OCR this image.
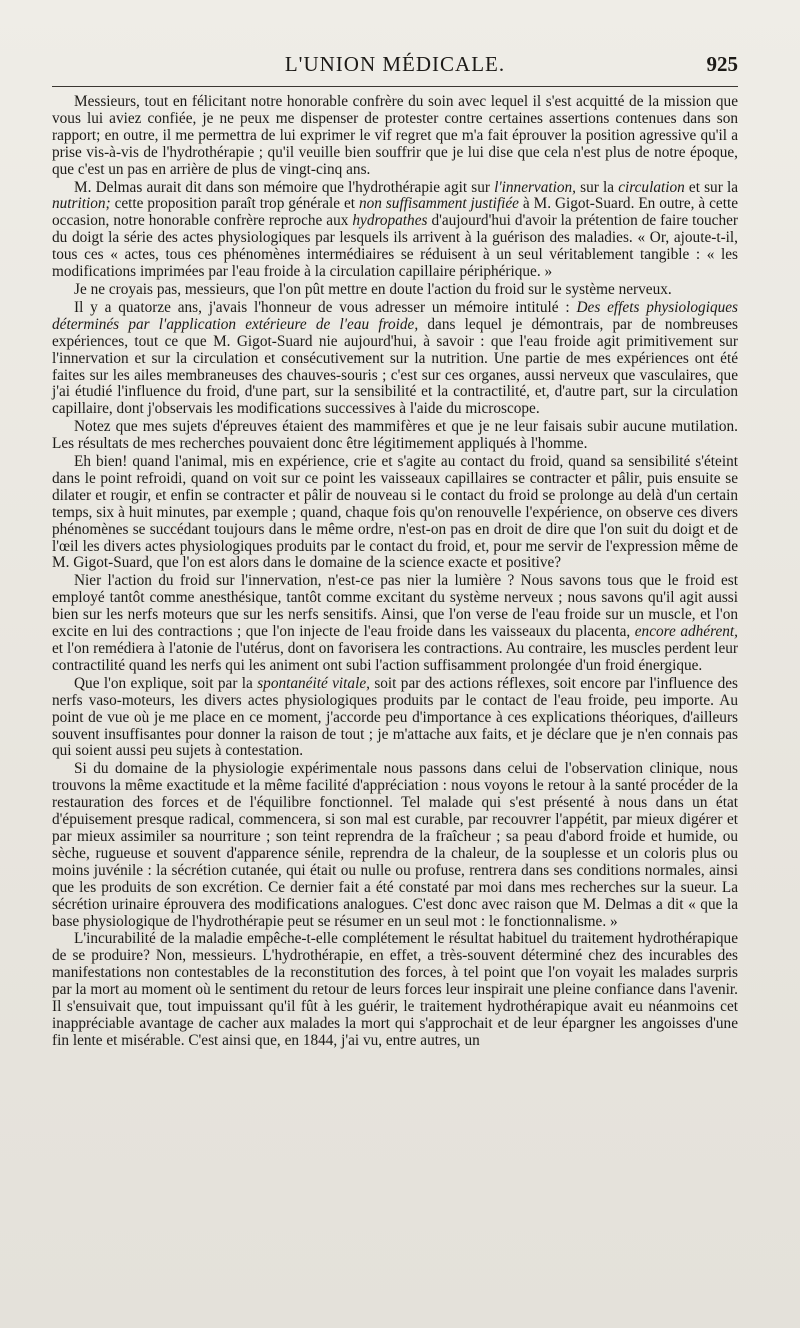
L'UNION MÉDICALE.	925

Messieurs, tout en félicitant notre honorable confrère du soin avec lequel il s'est acquitté de la mission que vous lui aviez confiée, je ne peux me dispenser de protester contre certaines assertions contenues dans son rapport; en outre, il me permettra de lui exprimer le vif regret que m'a fait éprouver la position agressive qu'il a prise vis-à-vis de l'hydrothérapie ; qu'il veuille bien souffrir que je lui dise que cela n'est plus de notre époque, que c'est un pas en arrière de plus de vingt-cinq ans.

M. Delmas aurait dit dans son mémoire que l'hydrothérapie agit sur l'innervation, sur la circulation et sur la nutrition; cette proposition paraît trop générale et non suffisamment justifiée à M. Gigot-Suard. En outre, à cette occasion, notre honorable confrère reproche aux hydropathes d'aujourd'hui d'avoir la prétention de faire toucher du doigt la série des actes physiologiques par lesquels ils arrivent à la guérison des maladies. « Or, ajoute-t-il, tous ces « actes, tous ces phénomènes intermédiaires se réduisent à un seul véritablement tangible : « les modifications imprimées par l'eau froide à la circulation capillaire périphérique. »

Je ne croyais pas, messieurs, que l'on pût mettre en doute l'action du froid sur le système nerveux.

Il y a quatorze ans, j'avais l'honneur de vous adresser un mémoire intitulé : Des effets physiologiques déterminés par l'application extérieure de l'eau froide, dans lequel je démontrais, par de nombreuses expériences, tout ce que M. Gigot-Suard nie aujourd'hui, à savoir : que l'eau froide agit primitivement sur l'innervation et sur la circulation et consécutivement sur la nutrition. Une partie de mes expériences ont été faites sur les ailes membraneuses des chauves-souris ; c'est sur ces organes, aussi nerveux que vasculaires, que j'ai étudié l'influence du froid, d'une part, sur la sensibilité et la contractilité, et, d'autre part, sur la circulation capillaire, dont j'observais les modifications successives à l'aide du microscope.

Notez que mes sujets d'épreuves étaient des mammifères et que je ne leur faisais subir aucune mutilation. Les résultats de mes recherches pouvaient donc être légitimement appliqués à l'homme.

Eh bien! quand l'animal, mis en expérience, crie et s'agite au contact du froid, quand sa sensibilité s'éteint dans le point refroidi, quand on voit sur ce point les vaisseaux capillaires se contracter et pâlir, puis ensuite se dilater et rougir, et enfin se contracter et pâlir de nouveau si le contact du froid se prolonge au delà d'un certain temps, six à huit minutes, par exemple ; quand, chaque fois qu'on renouvelle l'expérience, on observe ces divers phénomènes se succédant toujours dans le même ordre, n'est-on pas en droit de dire que l'on suit du doigt et de l'œil les divers actes physiologiques produits par le contact du froid, et, pour me servir de l'expression même de M. Gigot-Suard, que l'on est alors dans le domaine de la science exacte et positive?

Nier l'action du froid sur l'innervation, n'est-ce pas nier la lumière ? Nous savons tous que le froid est employé tantôt comme anesthésique, tantôt comme excitant du système nerveux ; nous savons qu'il agit aussi bien sur les nerfs moteurs que sur les nerfs sensitifs. Ainsi, que l'on verse de l'eau froide sur un muscle, et l'on excite en lui des contractions ; que l'on injecte de l'eau froide dans les vaisseaux du placenta, encore adhérent, et l'on remédiera à l'atonie de l'utérus, dont on favorisera les contractions. Au contraire, les muscles perdent leur contractilité quand les nerfs qui les animent ont subi l'action suffisamment prolongée d'un froid énergique.

Que l'on explique, soit par la spontanéité vitale, soit par des actions réflexes, soit encore par l'influence des nerfs vaso-moteurs, les divers actes physiologiques produits par le contact de l'eau froide, peu importe. Au point de vue où je me place en ce moment, j'accorde peu d'importance à ces explications théoriques, d'ailleurs souvent insuffisantes pour donner la raison de tout ; je m'attache aux faits, et je déclare que je n'en connais pas qui soient aussi peu sujets à contestation.

Si du domaine de la physiologie expérimentale nous passons dans celui de l'observation clinique, nous trouvons la même exactitude et la même facilité d'appréciation : nous voyons le retour à la santé procéder de la restauration des forces et de l'équilibre fonctionnel. Tel malade qui s'est présenté à nous dans un état d'épuisement presque radical, commencera, si son mal est curable, par recouvrer l'appétit, par mieux digérer et par mieux assimiler sa nourriture ; son teint reprendra de la fraîcheur ; sa peau d'abord froide et humide, ou sèche, rugueuse et souvent d'apparence sénile, reprendra de la chaleur, de la souplesse et un coloris plus ou moins juvénile : la sécrétion cutanée, qui était ou nulle ou profuse, rentrera dans ses conditions normales, ainsi que les produits de son excrétion. Ce dernier fait a été constaté par moi dans mes recherches sur la sueur. La sécrétion urinaire éprouvera des modifications analogues. C'est donc avec raison que M. Delmas a dit « que la base physiologique de l'hydrothérapie peut se résumer en un seul mot : le fonctionnalisme. »

L'incurabilité de la maladie empêche-t-elle complétement le résultat habituel du traitement hydrothérapique de se produire? Non, messieurs. L'hydrothérapie, en effet, a très-souvent déterminé chez des incurables des manifestations non contestables de la reconstitution des forces, à tel point que l'on voyait les malades surpris par la mort au moment où le sentiment du retour de leurs forces leur inspirait une pleine confiance dans l'avenir. Il s'ensuivait que, tout impuissant qu'il fût à les guérir, le traitement hydrothérapique avait eu néanmoins cet inappréciable avantage de cacher aux malades la mort qui s'approchait et de leur épargner les angoisses d'une fin lente et misérable. C'est ainsi que, en 1844, j'ai vu, entre autres, un
